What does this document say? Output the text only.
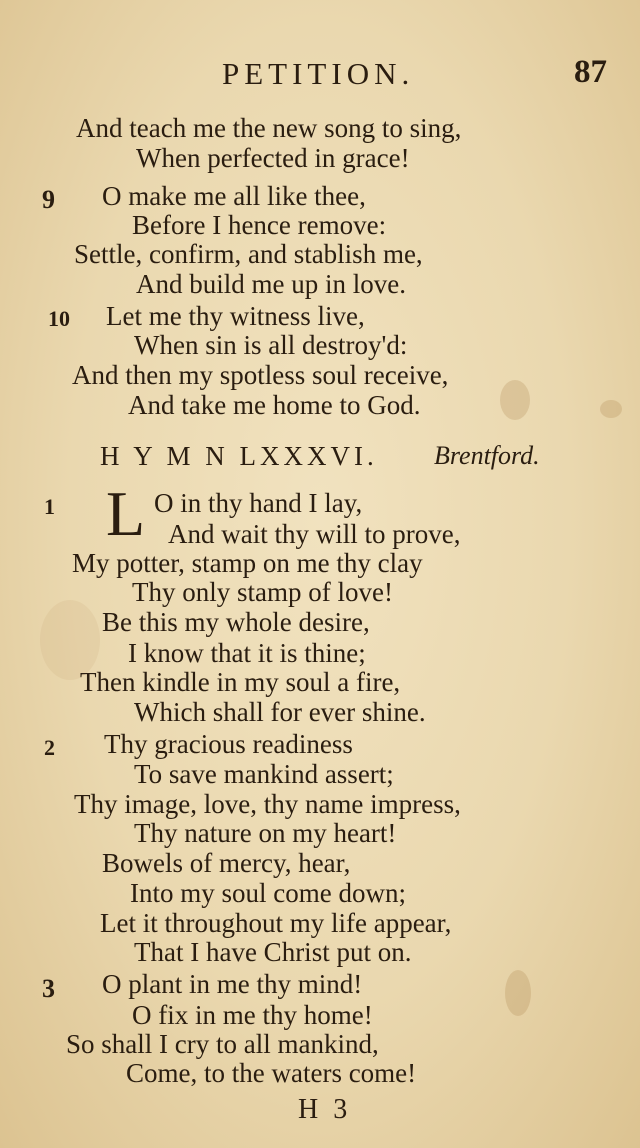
PETITION.	87
And teach me the new song to sing,
When perfected in grace!
9 O make me all like thee,
Before I hence remove:
Settle, confirm, and stablish me,
And build me up in love.
10 Let me thy witness live,
When sin is all destroy'd:
And then my spotless soul receive,
And take me home to God.
H Y M N LXXXVI. Brentford.
1 L O in thy hand I lay,
And wait thy will to prove,
My potter, stamp on me thy clay
Thy only stamp of love!
Be this my whole desire,
I know that it is thine;
Then kindle in my soul a fire,
Which shall for ever shine.
2 Thy gracious readiness
To save mankind assert;
Thy image, love, thy name impress,
Thy nature on my heart!
Bowels of mercy, hear,
Into my soul come down;
Let it throughout my life appear,
That I have Christ put on.
3 O plant in me thy mind!
O fix in me thy home!
So shall I cry to all mankind,
Come, to the waters come!
H 3
